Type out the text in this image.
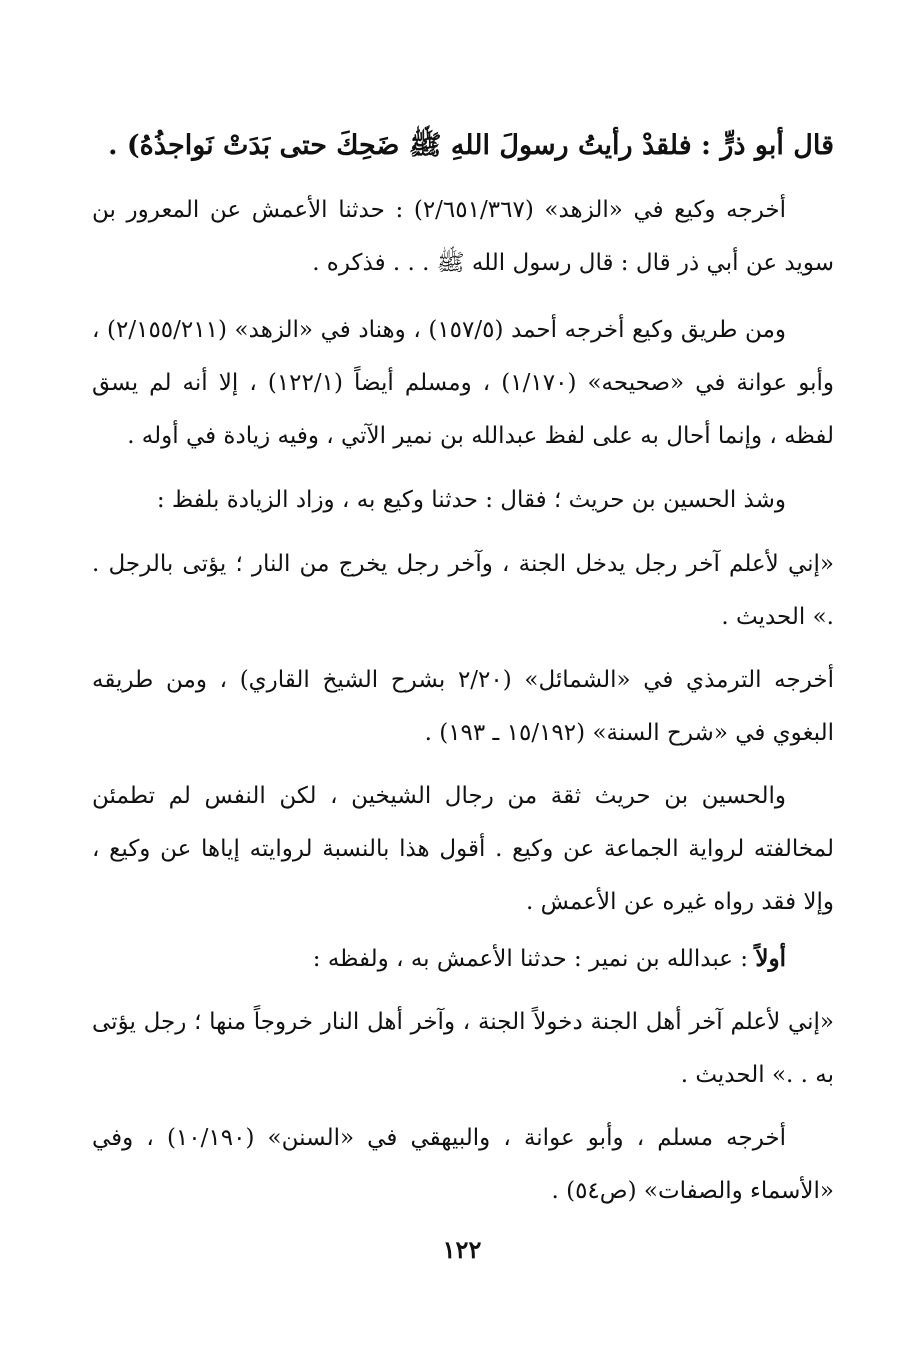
قال أبو ذرٍّ : فلقدْ رأيتُ رسولَ اللهِ ﷺ ضَحِكَ حتى بَدَتْ نَواجذُهُ) .
أخرجه وكيع في «الزهد» (٢/٦٥١/٣٦٧) : حدثنا الأعمش عن المعرور بن سويد عن أبي ذر قال : قال رسول الله ﷺ . . . فذكره .
ومن طريق وكيع أخرجه أحمد (١٥٧/٥) ، وهناد في «الزهد» (٢/١٥٥/٢١١) ، وأبو عوانة في «صحيحه» (١/١٧٠) ، ومسلم أيضاً (١٢٢/١) ، إلا أنه لم يسق لفظه ، وإنما أحال به على لفظ عبدالله بن نمير الآتي ، وفيه زيادة في أوله .
وشذ الحسين بن حريث ؛ فقال : حدثنا وكيع به ، وزاد الزيادة بلفظ :
«إني لأعلم آخر رجل يدخل الجنة ، وآخر رجل يخرج من النار ؛ يؤتى بالرجل . .» الحديث .
أخرجه الترمذي في «الشمائل» (٢/٢٠ بشرح الشيخ القاري) ، ومن طريقه البغوي في «شرح السنة» (١٥/١٩٢ ـ ١٩٣) .
والحسين بن حريث ثقة من رجال الشيخين ، لكن النفس لم تطمئن لمخالفته لرواية الجماعة عن وكيع . أقول هذا بالنسبة لروايته إياها عن وكيع ، وإلا فقد رواه غيره عن الأعمش .
أولاً : عبدالله بن نمير : حدثنا الأعمش به ، ولفظه :
«إني لأعلم آخر أهل الجنة دخولاً الجنة ، وآخر أهل النار خروجاً منها ؛ رجل يؤتى به . .» الحديث .
أخرجه مسلم ، وأبو عوانة ، والبيهقي في «السنن» (١٠/١٩٠) ، وفي «الأسماء والصفات» (ص٥٤) .
١٢٢
